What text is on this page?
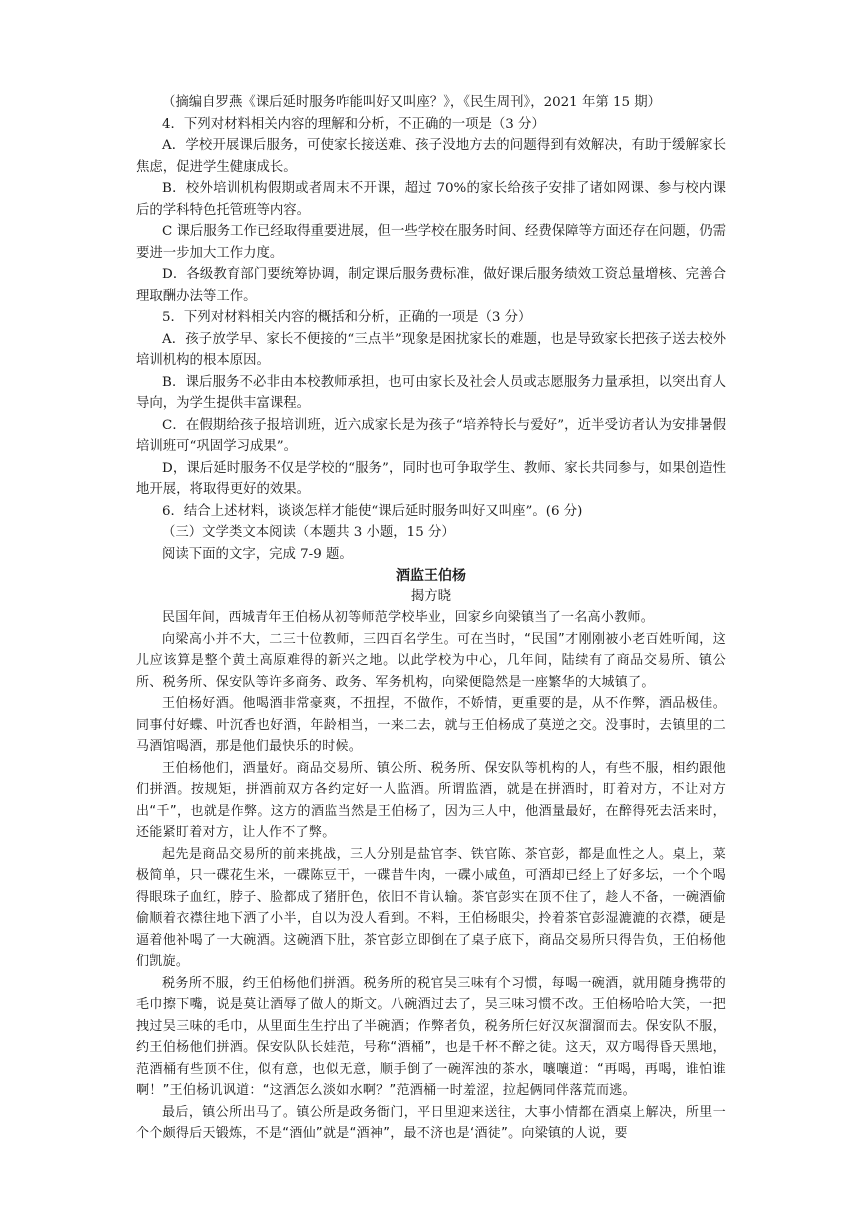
（摘编自罗燕《课后延时服务咋能叫好又叫座？》，《民生周刊》，2021 年第 15 期）

4．下列对材料相关内容的理解和分析，不正确的一项是（3 分）

A．学校开展课后服务，可使家长接送难、孩子没地方去的问题得到有效解决，有助于缓解家长焦虑，促进学生健康成长。

B．校外培训机构假期或者周末不开课，超过 70%的家长给孩子安排了诸如网课、参与校内课后的学科特色托管班等内容。

C 课后服务工作已经取得重要进展，但一些学校在服务时间、经费保障等方面还存在问题，仍需要进一步加大工作力度。

D．各级教育部门要统筹协调，制定课后服务费标准，做好课后服务绩效工资总量增核、完善合理取酬办法等工作。

5．下列对材料相关内容的概括和分析，正确的一项是（3 分）

A．孩子放学早、家长不便接的“三点半”现象是困扰家长的难题，也是导致家长把孩子送去校外培训机构的根本原因。

B．课后服务不必非由本校教师承担，也可由家长及社会人员或志愿服务力量承担，以突出育人导向，为学生提供丰富课程。

C．在假期给孩子报培训班，近六成家长是为孩子“培养特长与爱好”，近半受访者认为安排暑假培训班可“巩固学习成果”。

D，课后延时服务不仅是学校的“服务”，同时也可争取学生、教师、家长共同参与，如果创造性地开展，将取得更好的效果。

6．结合上述材料，谈谈怎样才能使“课后延时服务叫好又叫座”。(6 分)

（三）文学类文本阅读（本题共 3 小题，15 分）

阅读下面的文字，完成 7-9 题。

酒监王伯杨

揭方晓

民国年间，西城青年王伯杨从初等师范学校毕业，回家乡向梁镇当了一名高小教师。

向梁高小并不大，二三十位教师，三四百名学生。可在当时，“民国”才刚刚被小老百姓听闻，这儿应该算是整个黄土高原难得的新兴之地。以此学校为中心，几年间，陆续有了商品交易所、镇公所、税务所、保安队等许多商务、政务、军务机构，向梁便隐然是一座繁华的大城镇了。

王伯杨好酒。他喝酒非常豪爽，不扭捏，不做作，不娇情，更重要的是，从不作弊，酒品极佳。同事付好蝶、叶沉香也好酒，年龄相当，一来二去，就与王伯杨成了莫逆之交。没事时，去镇里的二马酒馆喝酒，那是他们最快乐的时候。

王伯杨他们，酒量好。商品交易所、镇公所、税务所、保安队等机构的人，有些不服，相约跟他们拼酒。按规矩，拼酒前双方各约定好一人监酒。所谓监酒，就是在拼酒时，盯着对方，不让对方出“千”，也就是作弊。这方的酒监当然是王伯杨了，因为三人中，他酒量最好，在醉得死去活来时，还能紧盯着对方，让人作不了弊。

起先是商品交易所的前来挑战，三人分别是盐官李、铁官陈、茶官彭，都是血性之人。桌上，菜极简单，只一碟花生米，一碟陈豆干，一碟昔牛肉，一碟小咸鱼，可酒却已经上了好多坛，一个个喝得眼珠子血红，脖子、脸都成了猪肝色，依旧不肯认输。茶官彭实在顶不住了，趁人不备，一碗酒偷偷顺着衣襟往地下洒了小半，自以为没人看到。不料，王伯杨眼尖，拎着茶官彭湿漉漉的衣襟，硬是逼着他补喝了一大碗酒。这碗酒下肚，茶官彭立即倒在了桌子底下，商品交易所只得告负，王伯杨他们凯旋。

税务所不服，约王伯杨他们拼酒。税务所的税官吴三味有个习惯，每喝一碗酒，就用随身携带的毛巾擦下嘴，说是莫让酒辱了做人的斯文。八碗酒过去了，吴三味习惯不改。王伯杨哈哈大笑，一把拽过吴三味的毛巾，从里面生生拧出了半碗酒；作弊者负，税务所仨好汉灰溜溜而去。保安队不服，约王伯杨他们拼酒。保安队队长娃范，号称“酒桶”，也是千杯不醉之徒。这天，双方喝得昏天黑地，范酒桶有些顶不住，似有意，也似无意，顺手倒了一碗浑浊的茶水，嚷嚷道：“再喝，再喝，谁怕谁啊！”王伯杨讥讽道：“这酒怎么淡如水啊？”范酒桶一时羞涩，拉起俩同伴落荒而逃。

最后，镇公所出马了。镇公所是政务衙门，平日里迎来送往，大事小情都在酒桌上解决，所里一个个颇得后天锻炼，不是“酒仙”就是“酒神”，最不济也是‘酒徒”。向梁镇的人说，要
